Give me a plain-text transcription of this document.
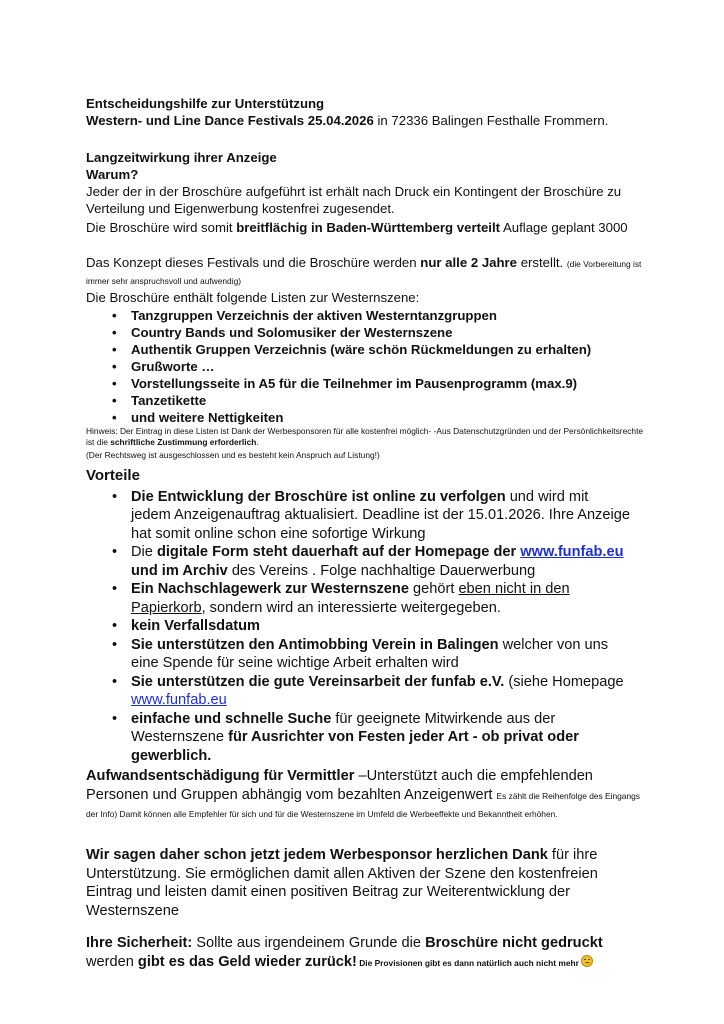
Entscheidungshilfe zur Unterstützung
Western- und Line Dance Festivals 25.04.2026 in 72336 Balingen Festhalle Frommern.
Langzeitwirkung ihrer Anzeige
Warum?
Jeder der in der Broschüre aufgeführt ist erhält nach Druck ein Kontingent der Broschüre zu Verteilung und Eigenwerbung kostenfrei zugesendet.
Die Broschüre wird somit breitflächig in Baden-Württemberg verteilt Auflage geplant 3000
Das Konzept dieses Festivals und die Broschüre werden nur alle 2 Jahre erstellt. (die Vorbereitung ist immer sehr anspruchsvoll und aufwendig)
Die Broschüre enthält folgende Listen zur Westernszene:
• Tanzgruppen Verzeichnis der aktiven Westerntanzgruppen
• Country Bands und Solomusiker der Westernszene
• Authentik Gruppen Verzeichnis (wäre schön Rückmeldungen zu erhalten)
• Grußworte …
• Vorstellungsseite in A5 für die Teilnehmer im Pausenprogramm (max.9)
• Tanzetikette
• und weitere Nettigkeiten
Hinweis: Der Eintrag in diese Listen ist Dank der Werbesponsoren für alle kostenfrei möglich- -Aus Datenschutzgründen und der Persönlichkeitsrechte ist die schriftliche Zustimmung erforderlich.
(Der Rechtsweg ist ausgeschlossen und es besteht kein Anspruch auf Listung!)
Vorteile
• Die Entwicklung der Broschüre ist online zu verfolgen und wird mit jedem Anzeigenauftrag aktualisiert. Deadline ist der 15.01.2026. Ihre Anzeige hat somit online schon eine sofortige Wirkung
• Die digitale Form steht dauerhaft auf der Homepage der www.funfab.eu und im Archiv des Vereins . Folge nachhaltige Dauerwerbung
• Ein Nachschlagewerk zur Westernszene gehört eben nicht in den Papierkorb, sondern wird an interessierte weitergegeben.
• kein Verfallsdatum
• Sie unterstützen den Antimobbing Verein in Balingen welcher von uns eine Spende für seine wichtige Arbeit erhalten wird
• Sie unterstützen die gute Vereinsarbeit der funfab e.V. (siehe Homepage
www.funfab.eu
• einfache und schnelle Suche für geeignete Mitwirkende aus der Westernszene für Ausrichter von Festen jeder Art - ob privat oder gewerblich.
Aufwandsentschädigung für Vermittler –Unterstützt auch die empfehlenden Personen und Gruppen abhängig vom bezahlten Anzeigenwert Es zählt die Reihenfolge des Eingangs der Info) Damit können alle Empfehler für sich und für die Westernszene im Umfeld die Werbeeffekte und Bekanntheit erhöhen.
Wir sagen daher schon jetzt jedem Werbesponsor herzlichen Dank für ihre Unterstützung. Sie ermöglichen damit allen Aktiven der Szene den kostenfreien Eintrag und leisten damit einen positiven Beitrag zur Weiterentwicklung der Westernszene
Ihre Sicherheit: Sollte aus irgendeinem Grunde die Broschüre nicht gedruckt werden gibt es das Geld wieder zurück! Die Provisionen gibt es dann natürlich auch nicht mehr
